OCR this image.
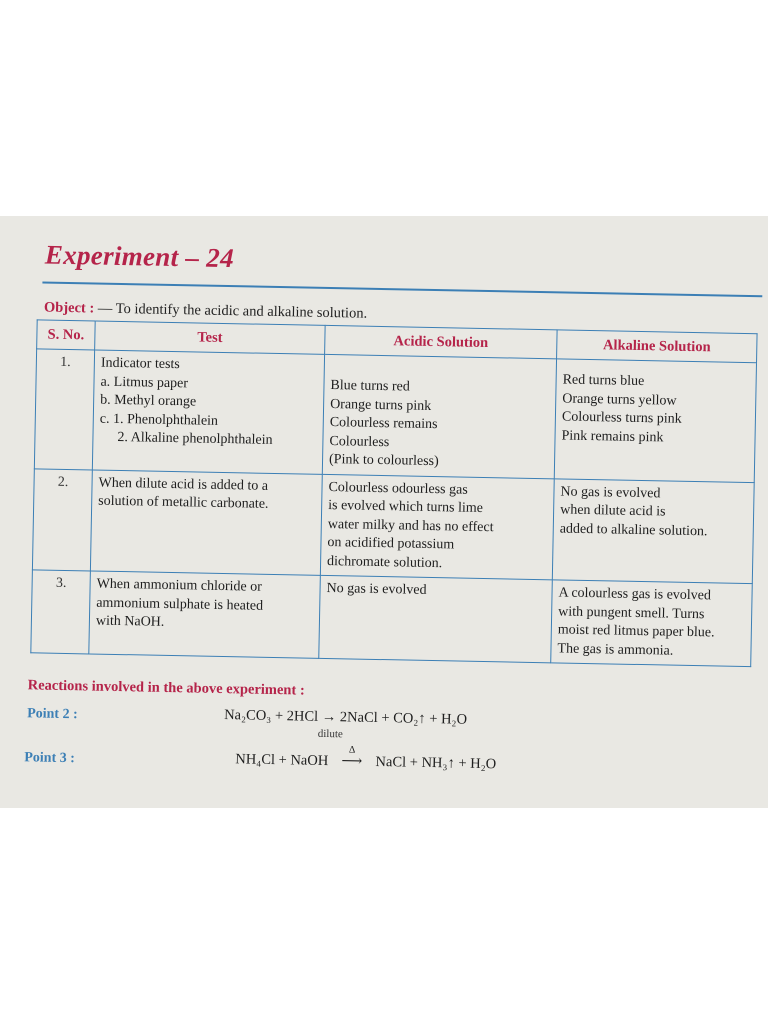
Experiment – 24
Object : — To identify the acidic and alkaline solution.
S. No.	Test	Acidic Solution	Alkaline Solution
1.	Indicator tests
a. Litmus paper
b. Methyl orange
c. 1. Phenolphthalein
2. Alkaline phenolphthalein	Blue turns red
Orange turns pink
Colourless remains
Colourless
(Pink to colourless)	Red turns blue
Orange turns yellow
Colourless turns pink
Pink remains pink

2.	When dilute acid is added to a
solution of metallic carbonate.	Colourless odourless gas
is evolved which turns lime
water milky and has no effect
on acidified potassium
dichromate solution.	No gas is evolved
when dilute acid is
added to alkaline solution.

3.	When ammonium chloride or
ammonium sulphate is heated
with NaOH.	No gas is evolved	A colourless gas is evolved
with pungent smell. Turns
moist red litmus paper blue.
The gas is ammonia.
Reactions involved in the above experiment :
Point 2 :	Na₂CO₃ + 2HCl → 2NaCl + CO₂↑ + H₂O
dilute
Point 3 :	NH₄Cl + NaOH
Δ
⟶ NaCl + NH₃↑ + H₂O
